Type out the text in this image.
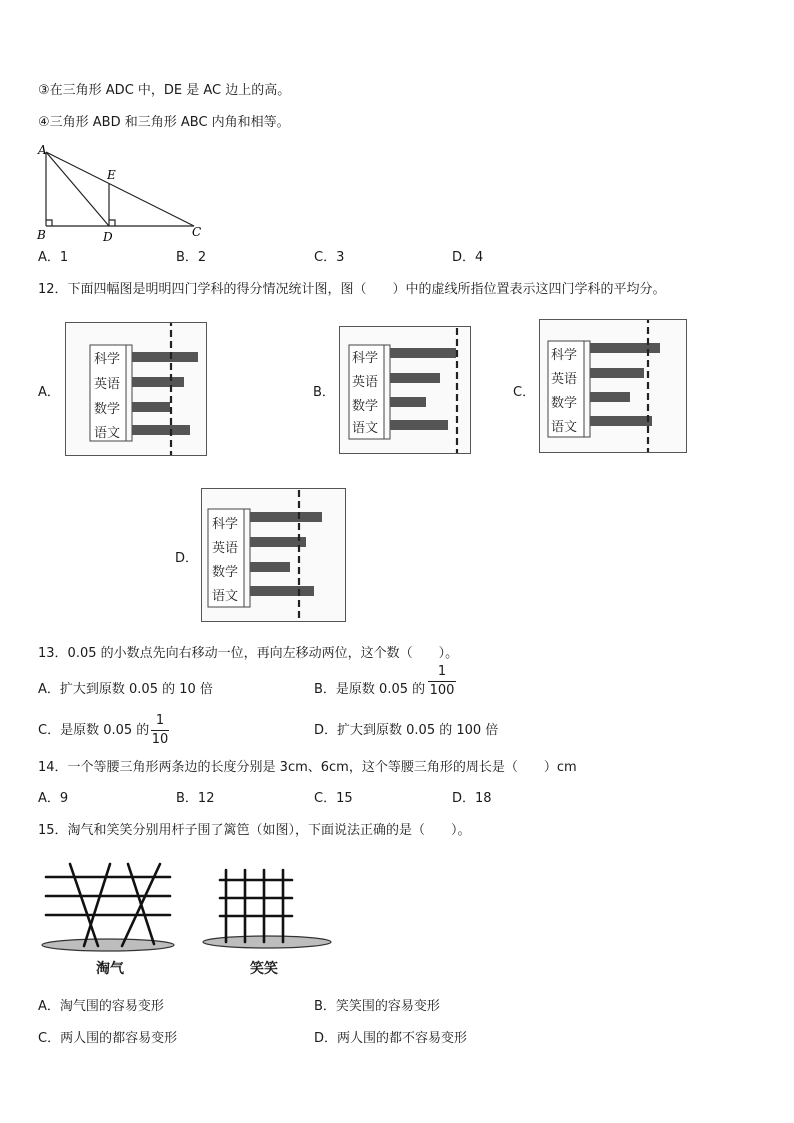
③在三角形 ADC 中，DE 是 AC 边上的高。
④三角形 ABD 和三角形 ABC 内角和相等。
A
B	C
D
E
A．1	B．2	C．3	D．4
12．下面四幅图是明明四门学科的得分情况统计图，图（　　）中的虚线所指位置表示这四门学科的平均分。
A．
科学
英语
数学
语文
B．
科学
英语
数学
语文
C．
科学
英语
数学
语文
D．
科学
英语
数学
语文
13．0.05 的小数点先向右移动一位，再向左移动两位，这个数（　　）。
A．扩大到原数 0.05 的 10 倍	B．是原数 0.05 的
1
100
C．是原数 0.05 的
1
10
D．扩大到原数 0.05 的 100 倍
14．一个等腰三角形两条边的长度分别是 3cm、6cm，这个等腰三角形的周长是（　　）cm
A．9	B．12	C．15	D．18
15．淘气和笑笑分别用杆子围了篱笆（如图），下面说法正确的是（　　）。
淘气	笑笑
A．淘气围的容易变形	B．笑笑围的容易变形
C．两人围的都容易变形	D．两人围的都不容易变形
